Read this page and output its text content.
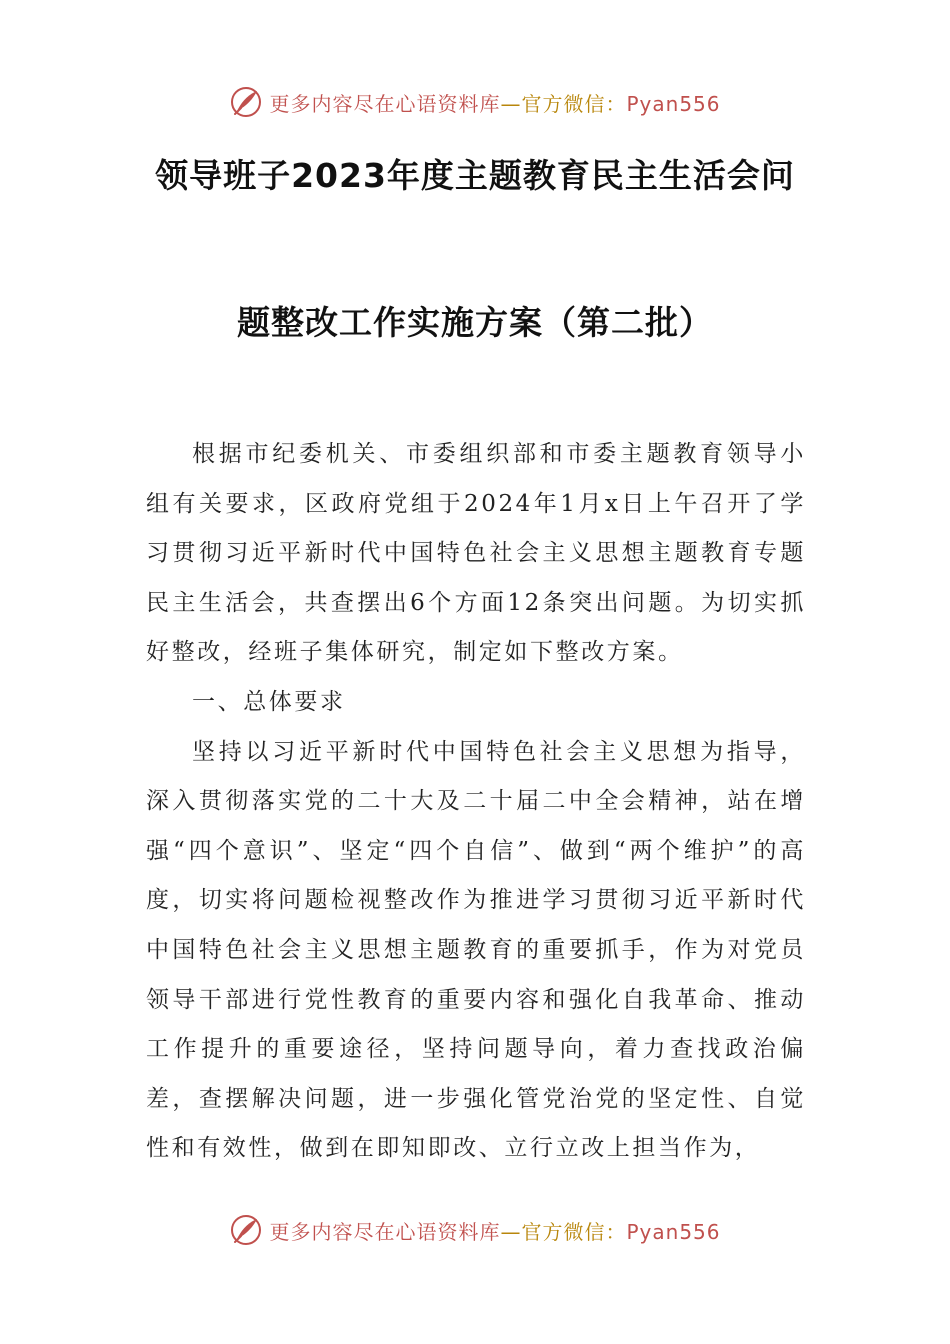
更多内容尽在心语资料库—官方微信：Pyan556
领导班子2023年度主题教育民主生活会问
题整改工作实施方案（第二批）

根据市纪委机关、市委组织部和市委主题教育领导小组有关要求，区政府党组于2024年1月x日上午召开了学习贯彻习近平新时代中国特色社会主义思想主题教育专题民主生活会，共查摆出6个方面12条突出问题。为切实抓好整改，经班子集体研究，制定如下整改方案。

一、总体要求

坚持以习近平新时代中国特色社会主义思想为指导，深入贯彻落实党的二十大及二十届二中全会精神，站在增强“四个意识”、坚定“四个自信”、做到“两个维护”的高度，切实将问题检视整改作为推进学习贯彻习近平新时代中国特色社会主义思想主题教育的重要抓手，作为对党员领导干部进行党性教育的重要内容和强化自我革命、推动工作提升的重要途径，坚持问题导向，着力查找政治偏差，查摆解决问题，进一步强化管党治党的坚定性、自觉性和有效性，做到在即知即改、立行立改上担当作为，

更多内容尽在心语资料库—官方微信：Pyan556
